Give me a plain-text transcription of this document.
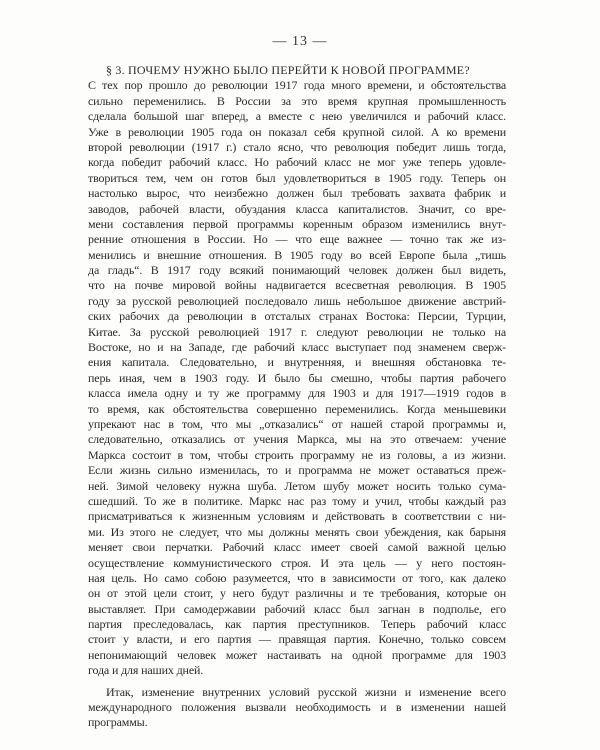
— 13 —
§ 3. ПОЧЕМУ НУЖНО БЫЛО ПЕРЕЙТИ К НОВОЙ ПРОГРАММЕ?
С тех пор прошло до революции 1917 года много времени, и обстоятельства
сильно переменились. В России за это время крупная промышленность
сделала большой шаг вперед, а вместе с нею увеличился и рабочий класс.
Уже в революции 1905 года он показал себя крупной силой. А ко времени
второй революции (1917 г.) стало ясно, что революция победит лишь тогда,
когда победит рабочий класс. Но рабочий класс не мог уже теперь удовле-
твориться тем, чем он готов был удовлетвориться в 1905 году. Теперь он
настолько вырос, что неизбежно должен был требовать захвата фабрик и
заводов, рабочей власти, обуздания класса капиталистов. Значит, со вре-
мени составления первой программы коренным образом изменились внут-
ренние отношения в России. Но — что еще важнее — точно так же из-
менились и внешние отношения. В 1905 году во всей Европе была „тишь
да гладь“. В 1917 году всякий понимающий человек должен был видеть,
что на почве мировой войны надвигается всесветная революция. В 1905
году за русской революцией последовало лишь небольшое движение австрий-
ских рабочих да революции в отсталых странах Востока: Персии, Турции,
Китае. За русской революцией 1917 г. следуют революции не только на
Востоке, но и на Западе, где рабочий класс выступает под знаменем сверж-
ения капитала. Следовательно, и внутренняя, и внешняя обстановка те-
перь иная, чем в 1903 году. И было бы смешно, чтобы партия рабочего
класса имела одну и ту же программу для 1903 и для 1917—1919 годов в
то время, как обстоятельства совершенно переменились. Когда меньшевики
упрекают нас в том, что мы „отказались“ от нашей старой программы и,
следовательно, отказались от учения Маркса, мы на это отвечаем: учение
Маркса состоит в том, чтобы строить программу не из головы, а из жизни.
Если жизнь сильно изменилась, то и программа не может оставаться преж-
ней. Зимой человеку нужна шуба. Летом шубу может носить только сума-
сшедший. То же в политике. Маркс нас раз тому и учил, чтобы каждый раз
присматриваться к жизненным условиям и действовать в соответствии с ни-
ми. Из этого не следует, что мы должны менять свои убеждения, как барыня
меняет свои перчатки. Рабочий класс имеет своей самой важной целью
осуществление коммунистического строя. И эта цель — у него постоян-
ная цель. Но само собою разумеется, что в зависимости от того, как далеко
он от этой цели стоит, у него будут различны и те требования, которые он
выставляет. При самодержавии рабочий класс был загнан в подполье, его
партия преследовалась, как партия преступников. Теперь рабочий класс
стоит у власти, и его партия — правящая партия. Конечно, только совсем
непонимающий человек может настаивать на одной программе для 1903
года и для наших дней.
Итак, изменение внутренних условий русской жизни и изменение всего
международного положения вызвали необходимость и в изменении нашей
программы.
